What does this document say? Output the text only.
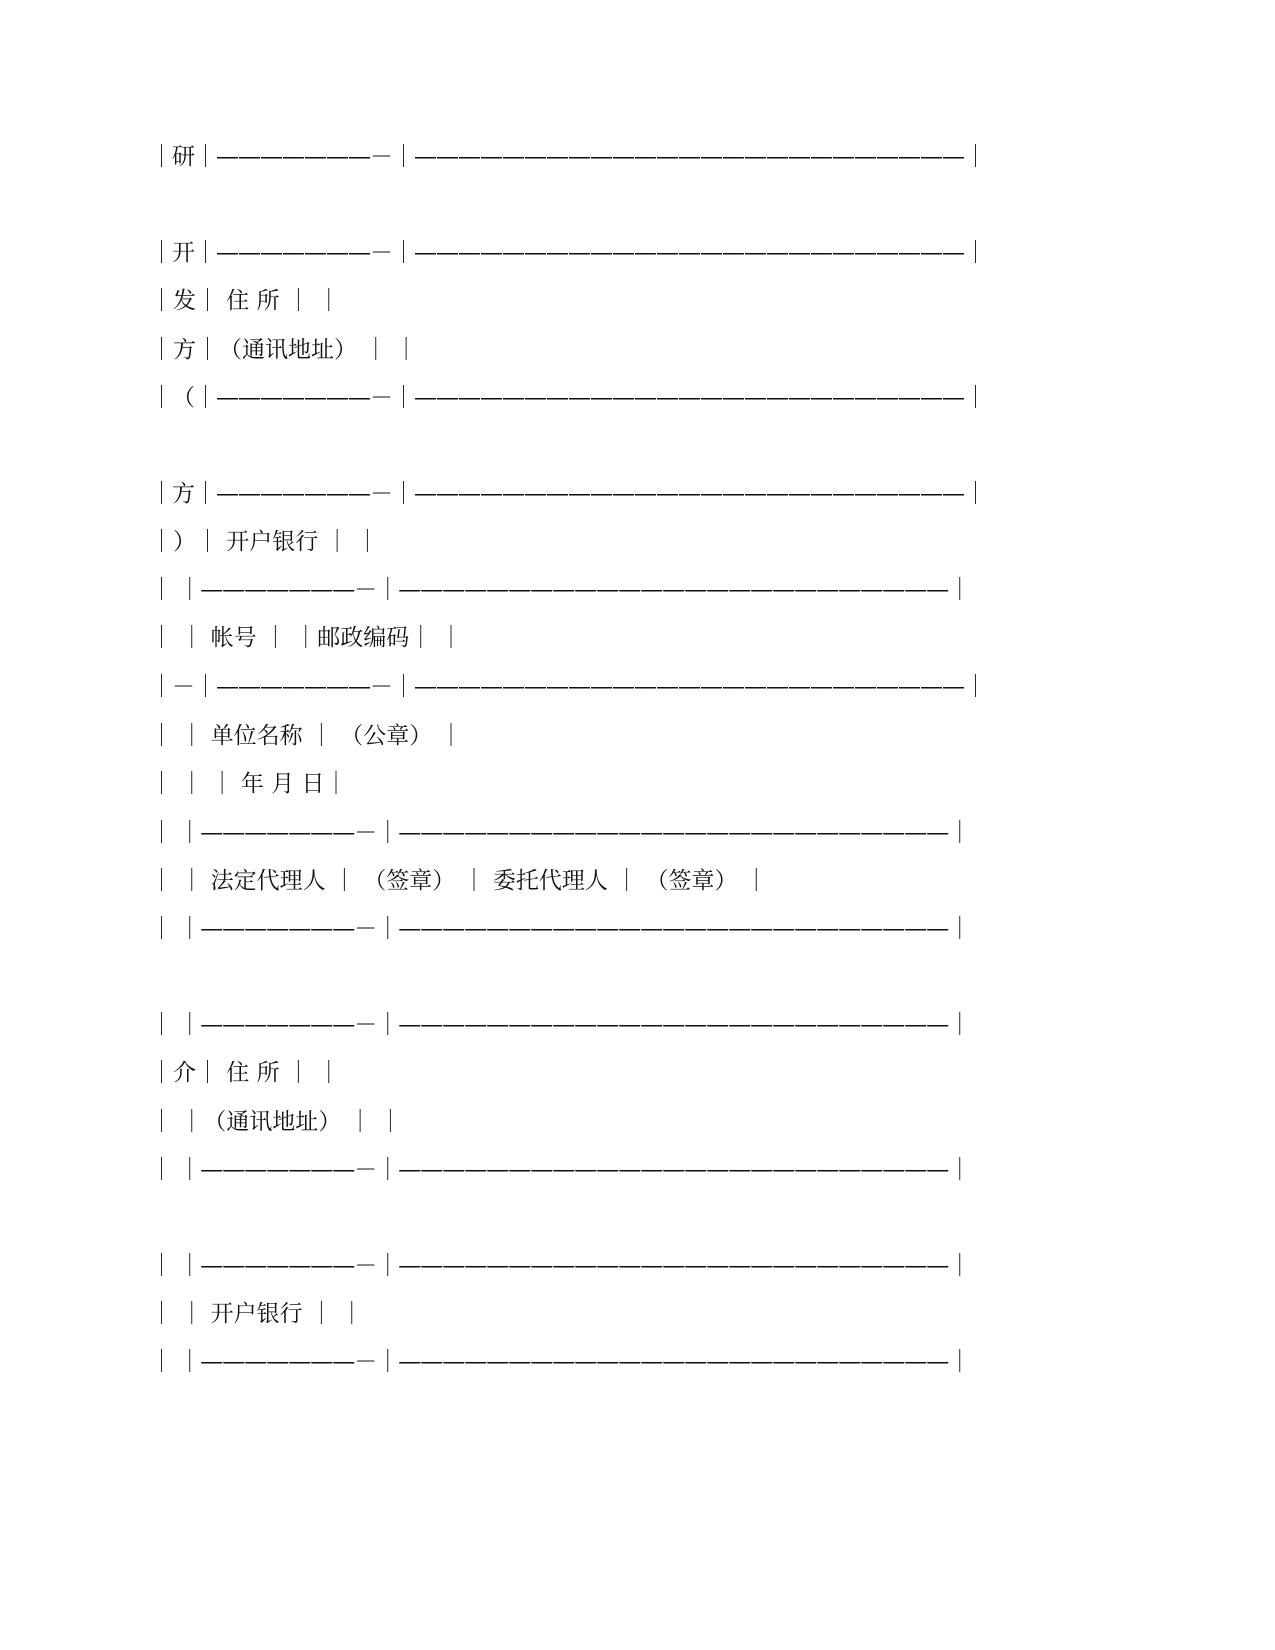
｜研｜———————－｜—————————————————————————｜
｜开｜———————－｜—————————————————————————｜
｜发｜ 住 所 ｜ ｜
｜方｜（通讯地址） ｜ ｜
｜（｜———————－｜—————————————————————————｜
｜方｜———————－｜—————————————————————————｜
｜）｜ 开户银行 ｜ ｜
｜ ｜———————－｜—————————————————————————｜
｜ ｜ 帐号 ｜ ｜邮政编码｜ ｜
｜－｜———————－｜—————————————————————————｜
｜ ｜ 单位名称 ｜ （公章） ｜
｜ ｜ ｜ 年 月 日｜
｜ ｜———————－｜—————————————————————————｜
｜ ｜ 法定代理人 ｜ （签章） ｜ 委托代理人 ｜ （签章） ｜
｜ ｜———————－｜—————————————————————————｜
｜ ｜———————－｜—————————————————————————｜
｜介｜ 住 所 ｜ ｜
｜ ｜（通讯地址） ｜ ｜
｜ ｜———————－｜—————————————————————————｜
｜ ｜———————－｜—————————————————————————｜
｜ ｜ 开户银行 ｜ ｜
｜ ｜———————－｜—————————————————————————｜
